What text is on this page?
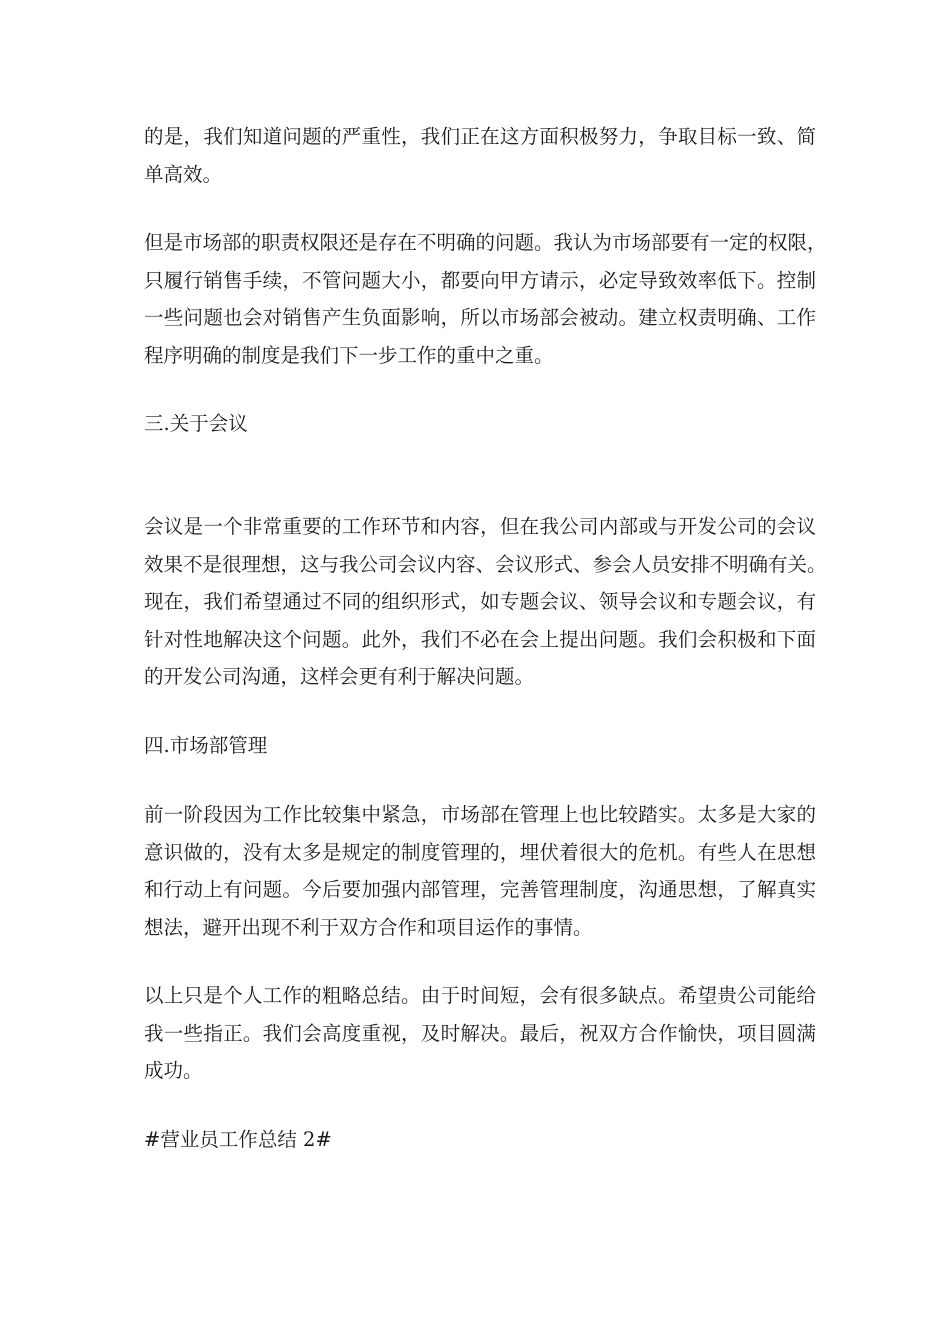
的是，我们知道问题的严重性，我们正在这方面积极努力，争取目标一致、简
单高效。

但是市场部的职责权限还是存在不明确的问题。我认为市场部要有一定的权限，
只履行销售手续，不管问题大小，都要向甲方请示，必定导致效率低下。控制
一些问题也会对销售产生负面影响，所以市场部会被动。建立权责明确、工作
程序明确的制度是我们下一步工作的重中之重。

三.关于会议

会议是一个非常重要的工作环节和内容，但在我公司内部或与开发公司的会议
效果不是很理想，这与我公司会议内容、会议形式、参会人员安排不明确有关。
现在，我们希望通过不同的组织形式，如专题会议、领导会议和专题会议，有
针对性地解决这个问题。此外，我们不必在会上提出问题。我们会积极和下面
的开发公司沟通，这样会更有利于解决问题。

四.市场部管理

前一阶段因为工作比较集中紧急，市场部在管理上也比较踏实。太多是大家的
意识做的，没有太多是规定的制度管理的，埋伏着很大的危机。有些人在思想
和行动上有问题。今后要加强内部管理，完善管理制度，沟通思想，了解真实
想法，避开出现不利于双方合作和项目运作的事情。

以上只是个人工作的粗略总结。由于时间短，会有很多缺点。希望贵公司能给
我一些指正。我们会高度重视，及时解决。最后，祝双方合作愉快，项目圆满
成功。

#营业员工作总结 2#
